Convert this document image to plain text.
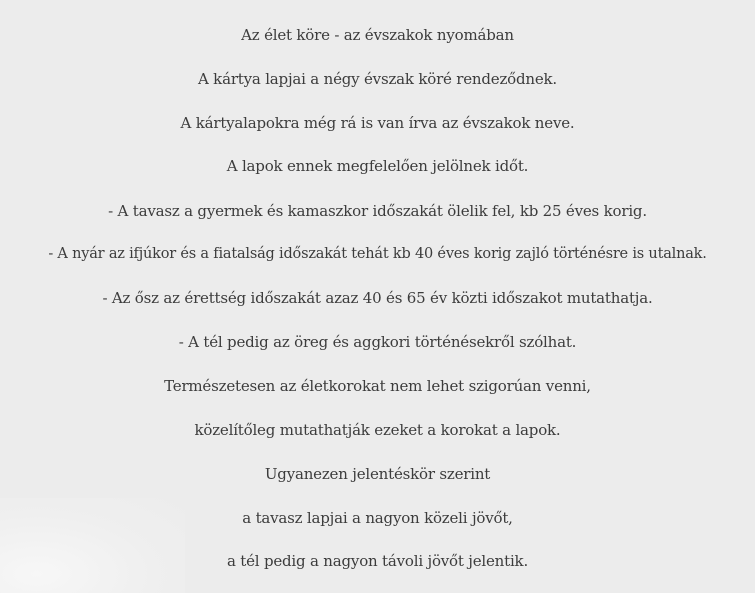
Az élet köre - az évszakok nyomában
A kártya lapjai a négy évszak köré rendeződnek.
A kártyalapokra még rá is van írva az évszakok neve.
A lapok ennek megfelelően jelölnek időt.
- A tavasz a gyermek és kamaszkor időszakát ölelik fel, kb 25 éves korig.
- A nyár az ifjúkor és a fiatalság időszakát tehát kb 40 éves korig zajló történésre is utalnak.
- Az ősz az érettség időszakát azaz 40 és 65 év közti időszakot mutathatja.
- A tél pedig az öreg és aggkori történésekről szólhat.
Természetesen az életkorokat nem lehet szigorúan venni,
közelítőleg mutathatják ezeket a korokat a lapok.
Ugyanezen jelentéskör szerint
a tavasz lapjai a nagyon közeli jövőt,
a tél pedig a nagyon távoli jövőt jelentik.
